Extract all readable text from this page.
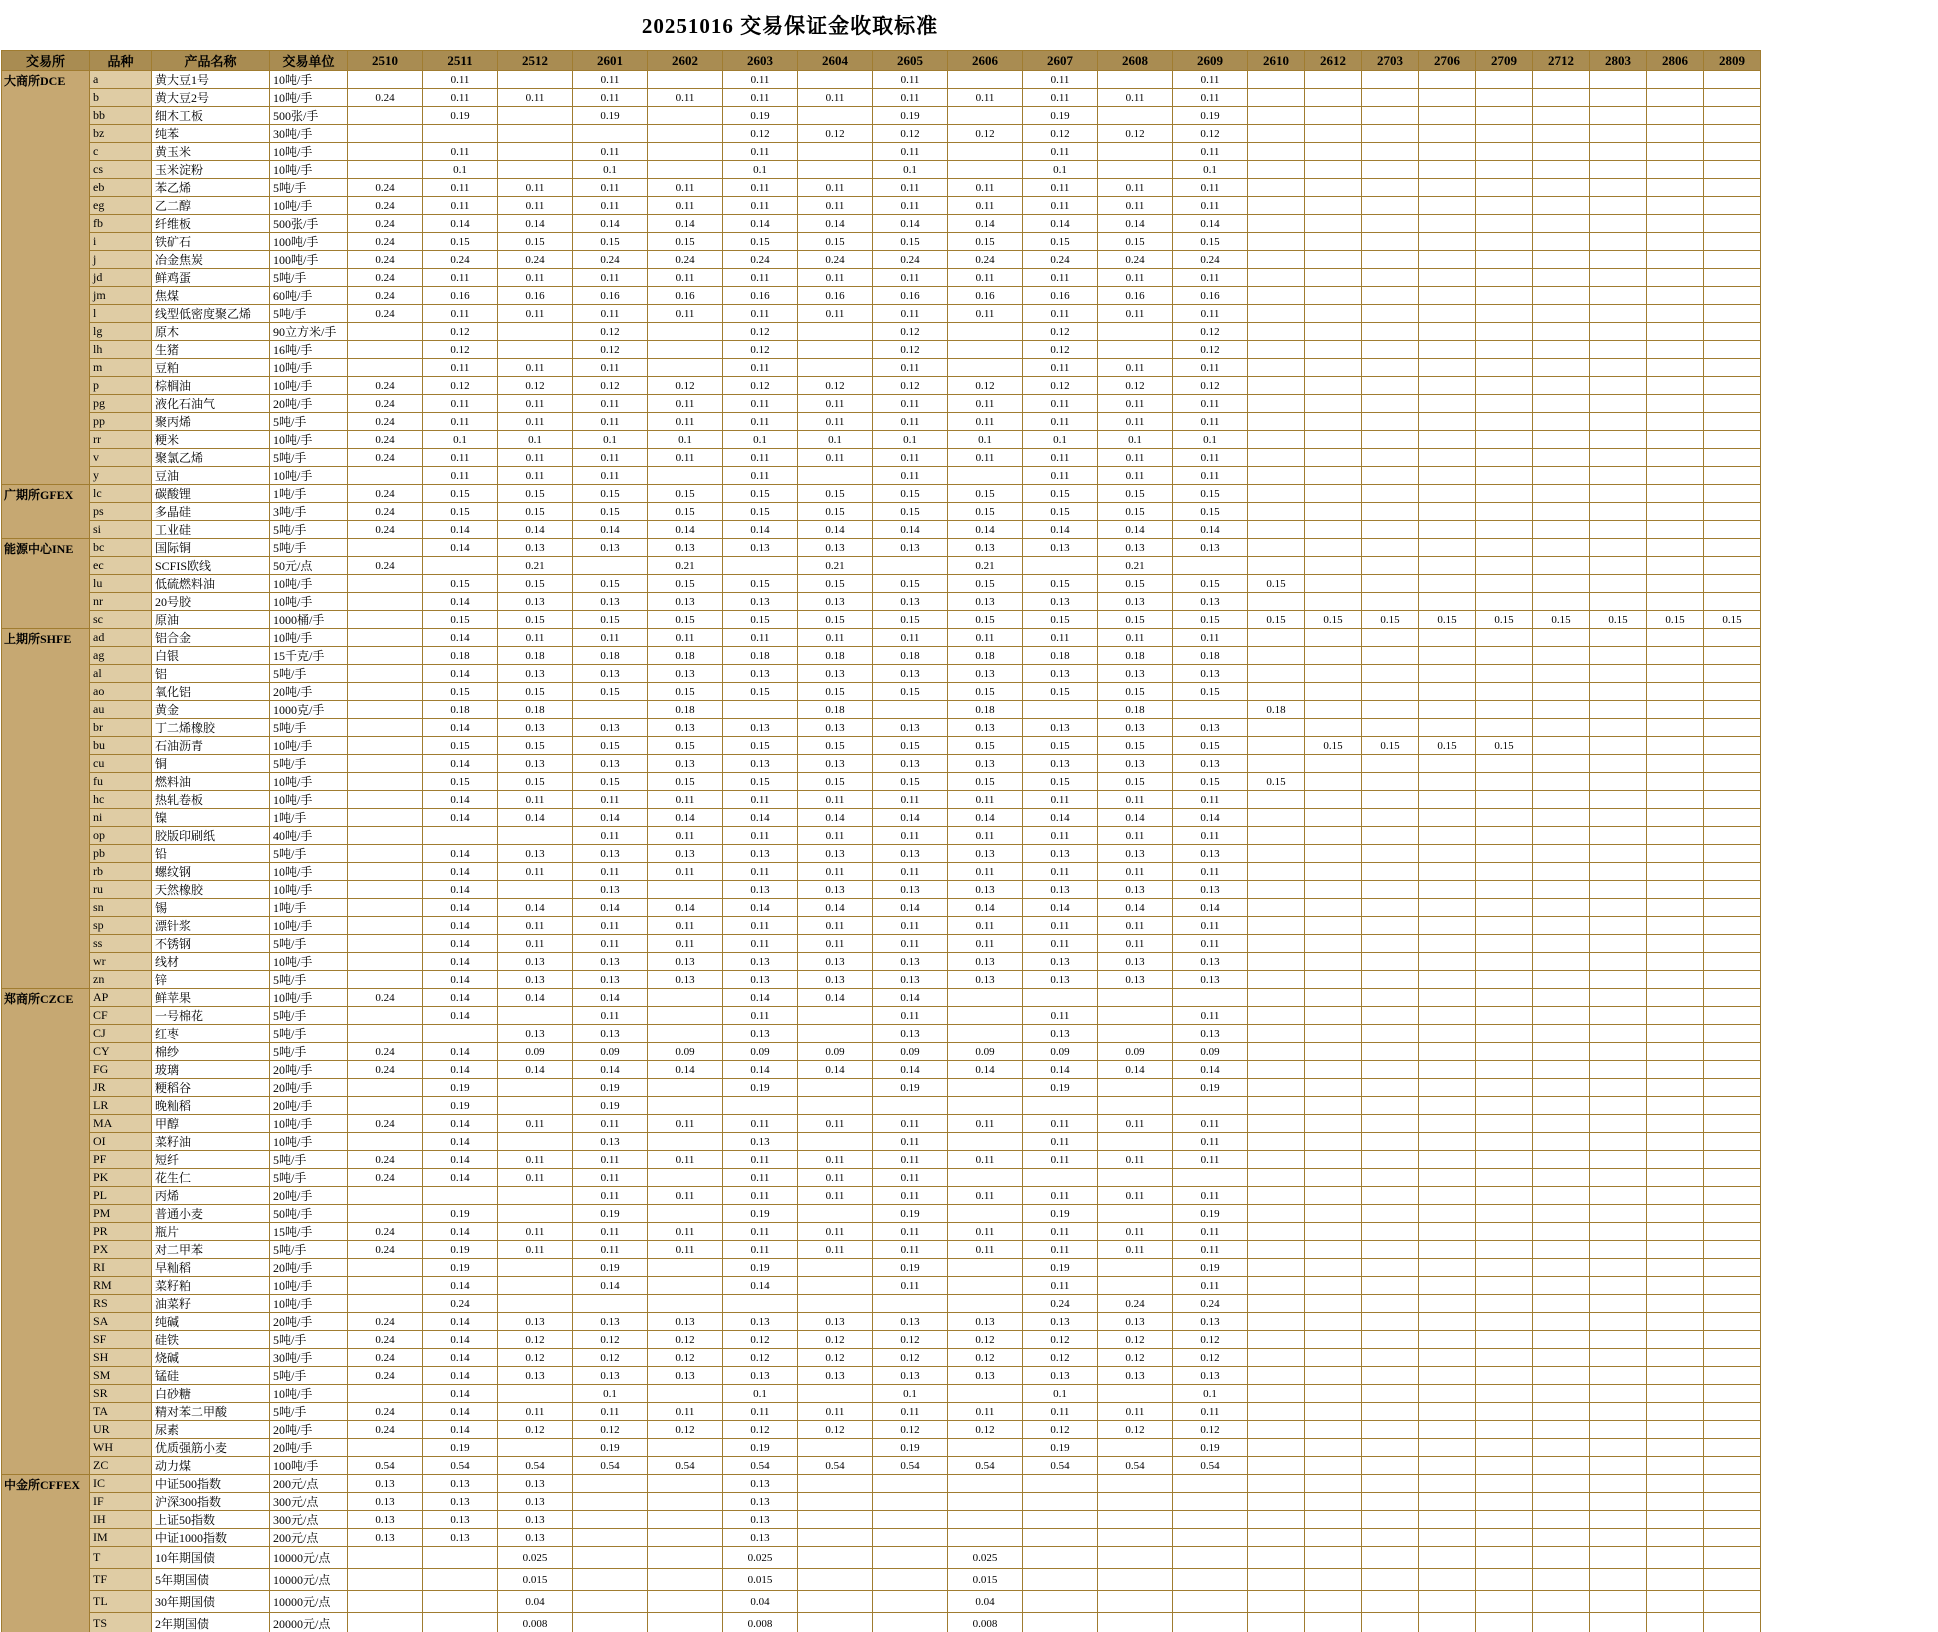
20251016 交易保证金收取标准
交易所	品种	产品名称	交易单位	2510	2511	2512	2601	2602	2603	2604	2605	2606	2607	2608	2609	2610	2612	2703	2706	2709	2712	2803	2806	2809
大商所DCE	a	黄大豆1号	10吨/手		0.11		0.11		0.11		0.11		0.11		0.11									
	b	黄大豆2号	10吨/手	0.24	0.11	0.11	0.11	0.11	0.11	0.11	0.11	0.11	0.11	0.11	0.11									
	bb	细木工板	500张/手		0.19		0.19		0.19		0.19		0.19		0.19									
	bz	纯苯	30吨/手						0.12	0.12	0.12	0.12	0.12	0.12	0.12									
	c	黄玉米	10吨/手		0.11		0.11		0.11		0.11		0.11		0.11									
	cs	玉米淀粉	10吨/手		0.1		0.1		0.1		0.1		0.1		0.1									
	eb	苯乙烯	5吨/手	0.24	0.11	0.11	0.11	0.11	0.11	0.11	0.11	0.11	0.11	0.11	0.11									
	eg	乙二醇	10吨/手	0.24	0.11	0.11	0.11	0.11	0.11	0.11	0.11	0.11	0.11	0.11	0.11									
	fb	纤维板	500张/手	0.24	0.14	0.14	0.14	0.14	0.14	0.14	0.14	0.14	0.14	0.14	0.14									
	i	铁矿石	100吨/手	0.24	0.15	0.15	0.15	0.15	0.15	0.15	0.15	0.15	0.15	0.15	0.15									
	j	冶金焦炭	100吨/手	0.24	0.24	0.24	0.24	0.24	0.24	0.24	0.24	0.24	0.24	0.24	0.24									
	jd	鲜鸡蛋	5吨/手	0.24	0.11	0.11	0.11	0.11	0.11	0.11	0.11	0.11	0.11	0.11	0.11									
	jm	焦煤	60吨/手	0.24	0.16	0.16	0.16	0.16	0.16	0.16	0.16	0.16	0.16	0.16	0.16									
	l	线型低密度聚乙烯	5吨/手	0.24	0.11	0.11	0.11	0.11	0.11	0.11	0.11	0.11	0.11	0.11	0.11									
	lg	原木	90立方米/手		0.12		0.12		0.12		0.12		0.12		0.12									
	lh	生猪	16吨/手		0.12		0.12		0.12		0.12		0.12		0.12									
	m	豆粕	10吨/手		0.11	0.11	0.11		0.11		0.11		0.11	0.11	0.11									
	p	棕榈油	10吨/手	0.24	0.12	0.12	0.12	0.12	0.12	0.12	0.12	0.12	0.12	0.12	0.12									
	pg	液化石油气	20吨/手	0.24	0.11	0.11	0.11	0.11	0.11	0.11	0.11	0.11	0.11	0.11	0.11									
	pp	聚丙烯	5吨/手	0.24	0.11	0.11	0.11	0.11	0.11	0.11	0.11	0.11	0.11	0.11	0.11									
	rr	粳米	10吨/手	0.24	0.1	0.1	0.1	0.1	0.1	0.1	0.1	0.1	0.1	0.1	0.1									
	v	聚氯乙烯	5吨/手	0.24	0.11	0.11	0.11	0.11	0.11	0.11	0.11	0.11	0.11	0.11	0.11									
	y	豆油	10吨/手		0.11	0.11	0.11		0.11		0.11		0.11	0.11	0.11									
广期所GFEX	lc	碳酸锂	1吨/手	0.24	0.15	0.15	0.15	0.15	0.15	0.15	0.15	0.15	0.15	0.15	0.15									
	ps	多晶硅	3吨/手	0.24	0.15	0.15	0.15	0.15	0.15	0.15	0.15	0.15	0.15	0.15	0.15									
	si	工业硅	5吨/手	0.24	0.14	0.14	0.14	0.14	0.14	0.14	0.14	0.14	0.14	0.14	0.14									
能源中心INE	bc	国际铜	5吨/手		0.14	0.13	0.13	0.13	0.13	0.13	0.13	0.13	0.13	0.13	0.13									
	ec	SCFIS欧线	50元/点	0.24		0.21		0.21		0.21		0.21		0.21										
	lu	低硫燃料油	10吨/手		0.15	0.15	0.15	0.15	0.15	0.15	0.15	0.15	0.15	0.15	0.15	0.15								
	nr	20号胶	10吨/手		0.14	0.13	0.13	0.13	0.13	0.13	0.13	0.13	0.13	0.13	0.13									
	sc	原油	1000桶/手		0.15	0.15	0.15	0.15	0.15	0.15	0.15	0.15	0.15	0.15	0.15	0.15	0.15	0.15	0.15	0.15	0.15	0.15	0.15	0.15
上期所SHFE	ad	铝合金	10吨/手		0.14	0.11	0.11	0.11	0.11	0.11	0.11	0.11	0.11	0.11	0.11									
	ag	白银	15千克/手		0.18	0.18	0.18	0.18	0.18	0.18	0.18	0.18	0.18	0.18	0.18									
	al	铝	5吨/手		0.14	0.13	0.13	0.13	0.13	0.13	0.13	0.13	0.13	0.13	0.13									
	ao	氧化铝	20吨/手		0.15	0.15	0.15	0.15	0.15	0.15	0.15	0.15	0.15	0.15	0.15									
	au	黄金	1000克/手		0.18	0.18		0.18		0.18		0.18		0.18		0.18								
	br	丁二烯橡胶	5吨/手		0.14	0.13	0.13	0.13	0.13	0.13	0.13	0.13	0.13	0.13	0.13									
	bu	石油沥青	10吨/手		0.15	0.15	0.15	0.15	0.15	0.15	0.15	0.15	0.15	0.15	0.15		0.15	0.15	0.15	0.15				
	cu	铜	5吨/手		0.14	0.13	0.13	0.13	0.13	0.13	0.13	0.13	0.13	0.13	0.13									
	fu	燃料油	10吨/手		0.15	0.15	0.15	0.15	0.15	0.15	0.15	0.15	0.15	0.15	0.15	0.15								
	hc	热轧卷板	10吨/手		0.14	0.11	0.11	0.11	0.11	0.11	0.11	0.11	0.11	0.11	0.11									
	ni	镍	1吨/手		0.14	0.14	0.14	0.14	0.14	0.14	0.14	0.14	0.14	0.14	0.14									
	op	胶版印刷纸	40吨/手				0.11	0.11	0.11	0.11	0.11	0.11	0.11	0.11	0.11									
	pb	铅	5吨/手		0.14	0.13	0.13	0.13	0.13	0.13	0.13	0.13	0.13	0.13	0.13									
	rb	螺纹钢	10吨/手		0.14	0.11	0.11	0.11	0.11	0.11	0.11	0.11	0.11	0.11	0.11									
	ru	天然橡胶	10吨/手		0.14		0.13		0.13	0.13	0.13	0.13	0.13	0.13	0.13									
	sn	锡	1吨/手		0.14	0.14	0.14	0.14	0.14	0.14	0.14	0.14	0.14	0.14	0.14									
	sp	漂针浆	10吨/手		0.14	0.11	0.11	0.11	0.11	0.11	0.11	0.11	0.11	0.11	0.11									
	ss	不锈钢	5吨/手		0.14	0.11	0.11	0.11	0.11	0.11	0.11	0.11	0.11	0.11	0.11									
	wr	线材	10吨/手		0.14	0.13	0.13	0.13	0.13	0.13	0.13	0.13	0.13	0.13	0.13									
	zn	锌	5吨/手		0.14	0.13	0.13	0.13	0.13	0.13	0.13	0.13	0.13	0.13	0.13									
郑商所CZCE	AP	鲜苹果	10吨/手	0.24	0.14	0.14	0.14		0.14	0.14	0.14													
	CF	一号棉花	5吨/手		0.14		0.11		0.11		0.11		0.11		0.11									
	CJ	红枣	5吨/手			0.13	0.13		0.13		0.13		0.13		0.13									
	CY	棉纱	5吨/手	0.24	0.14	0.09	0.09	0.09	0.09	0.09	0.09	0.09	0.09	0.09	0.09									
	FG	玻璃	20吨/手	0.24	0.14	0.14	0.14	0.14	0.14	0.14	0.14	0.14	0.14	0.14	0.14									
	JR	粳稻谷	20吨/手		0.19		0.19		0.19		0.19		0.19		0.19									
	LR	晚籼稻	20吨/手		0.19		0.19																	
	MA	甲醇	10吨/手	0.24	0.14	0.11	0.11	0.11	0.11	0.11	0.11	0.11	0.11	0.11	0.11									
	OI	菜籽油	10吨/手		0.14		0.13		0.13		0.11		0.11		0.11									
	PF	短纤	5吨/手	0.24	0.14	0.11	0.11	0.11	0.11	0.11	0.11	0.11	0.11	0.11	0.11									
	PK	花生仁	5吨/手	0.24	0.14	0.11	0.11		0.11	0.11	0.11													
	PL	丙烯	20吨/手				0.11	0.11	0.11	0.11	0.11	0.11	0.11	0.11	0.11									
	PM	普通小麦	50吨/手		0.19		0.19		0.19		0.19		0.19		0.19									
	PR	瓶片	15吨/手	0.24	0.14	0.11	0.11	0.11	0.11	0.11	0.11	0.11	0.11	0.11	0.11									
	PX	对二甲苯	5吨/手	0.24	0.19	0.11	0.11	0.11	0.11	0.11	0.11	0.11	0.11	0.11	0.11									
	RI	早籼稻	20吨/手		0.19		0.19		0.19		0.19		0.19		0.19									
	RM	菜籽粕	10吨/手		0.14		0.14		0.14		0.11		0.11		0.11									
	RS	油菜籽	10吨/手		0.24								0.24	0.24	0.24									
	SA	纯碱	20吨/手	0.24	0.14	0.13	0.13	0.13	0.13	0.13	0.13	0.13	0.13	0.13	0.13									
	SF	硅铁	5吨/手	0.24	0.14	0.12	0.12	0.12	0.12	0.12	0.12	0.12	0.12	0.12	0.12									
	SH	烧碱	30吨/手	0.24	0.14	0.12	0.12	0.12	0.12	0.12	0.12	0.12	0.12	0.12	0.12									
	SM	锰硅	5吨/手	0.24	0.14	0.13	0.13	0.13	0.13	0.13	0.13	0.13	0.13	0.13	0.13									
	SR	白砂糖	10吨/手		0.14		0.1		0.1		0.1		0.1		0.1									
	TA	精对苯二甲酸	5吨/手	0.24	0.14	0.11	0.11	0.11	0.11	0.11	0.11	0.11	0.11	0.11	0.11									
	UR	尿素	20吨/手	0.24	0.14	0.12	0.12	0.12	0.12	0.12	0.12	0.12	0.12	0.12	0.12									
	WH	优质强筋小麦	20吨/手		0.19		0.19		0.19		0.19		0.19		0.19									
	ZC	动力煤	100吨/手	0.54	0.54	0.54	0.54	0.54	0.54	0.54	0.54	0.54	0.54	0.54	0.54									
中金所CFFEX	IC	中证500指数	200元/点	0.13	0.13	0.13			0.13															
	IF	沪深300指数	300元/点	0.13	0.13	0.13			0.13															
	IH	上证50指数	300元/点	0.13	0.13	0.13			0.13															
	IM	中证1000指数	200元/点	0.13	0.13	0.13			0.13															
	T	10年期国债	10000元/点			0.025			0.025			0.025												
	TF	5年期国债	10000元/点			0.015			0.015			0.015												
	TL	30年期国债	10000元/点			0.04			0.04			0.04												
	TS	2年期国债	20000元/点			0.008			0.008			0.008												
